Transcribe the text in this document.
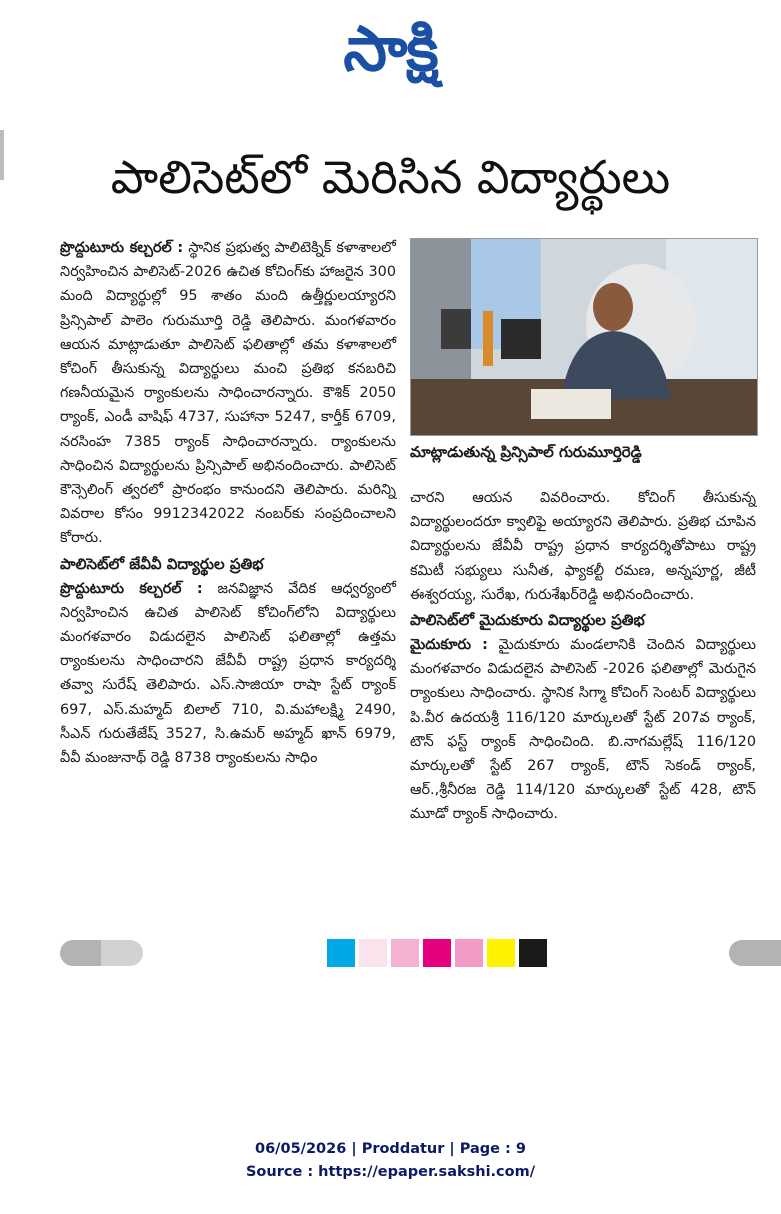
సాక్షి
పాలిసెట్‌లో మెరిసిన విద్యార్థులు

ప్రొద్దుటూరు కల్చరల్ : స్థానిక ప్రభుత్వ పాలిటెక్నిక్ కళాశాలలో నిర్వహించిన పాలిసెట్-2026 ఉచిత కోచింగ్‌కు హాజరైన 300 మంది విద్యార్థుల్లో 95 శాతం మంది ఉత్తీర్ణులయ్యారని ప్రిన్సిపాల్ పాలెం గురుమూర్తి రెడ్డి తెలిపారు. మంగళవారం ఆయన మాట్లాడుతూ పాలిసెట్ ఫలితాల్లో తమ కళాశాలలో కోచింగ్ తీసుకున్న విద్యార్థులు మంచి ప్రతిభ కనబరిచి గణనీయమైన ర్యాంకులను సాధించారన్నారు. కౌశిక్ 2050 ర్యాంక్, ఎండీ వాషిఫ్ 4737, సుహానా 5247, కార్తీక్ 6709, నరసింహ 7385 ర్యాంక్ సాధించారన్నారు. ర్యాంకులను సాధించిన విద్యార్థులను ప్రిన్సిపాల్ అభినందించారు. పాలిసెట్ కౌన్సెలింగ్ త్వరలో ప్రారంభం కానుందని తెలిపారు. మరిన్ని వివరాల కోసం 9912342022 నంబర్‌కు సంప్రదించాలని కోరారు.

పాలిసెట్‌లో జేవీవీ విద్యార్థుల ప్రతిభ

ప్రొద్దుటూరు కల్చరల్ : జనవిజ్ఞాన వేదిక ఆధ్వర్యంలో నిర్వహించిన ఉచిత పాలిసెట్ కోచింగ్‌లోని విద్యార్థులు మంగళవారం విడుదలైన పాలిసెట్ ఫలితాల్లో ఉత్తమ ర్యాంకులను సాధించారని జేవీవీ రాష్ట్ర ప్రధాన కార్యదర్శి తవ్వా సురేష్ తెలిపారు. ఎస్.సాజియా రాషా స్టేట్ ర్యాంక్ 697, ఎస్.మహ్మద్ బిలాల్ 710, వి.మహాలక్ష్మి 2490, సీఎన్ గురుతేజేష్ 3527, సి.ఉమర్ అహ్మద్ ఖాన్ 6979, వీవీ మంజునాథ్ రెడ్డి 8738 ర్యాంకులను సాధిం

మాట్లాడుతున్న ప్రిన్సిపాల్ గురుమూర్తిరెడ్డి

చారని ఆయన వివరించారు. కోచింగ్ తీసుకున్న విద్యార్థులందరూ క్వాలిఫై అయ్యారని తెలిపారు. ప్రతిభ చూపిన విద్యార్థులను జేవీవీ రాష్ట్ర ప్రధాన కార్యదర్శితోపాటు రాష్ట్ర కమిటీ సభ్యులు సునీత, ఫ్యాకల్టీ రమణ, అన్నపూర్ణ, జీటీ ఈశ్వరయ్య, సురేఖ, గురుశేఖర్‌రెడ్డి అభినందించారు.

పాలిసెట్‌లో మైదుకూరు విద్యార్థుల ప్రతిభ

మైదుకూరు : మైదుకూరు మండలానికి చెందిన విద్యార్థులు మంగళవారం విడుదలైన పాలిసెట్ -2026 ఫలితాల్లో మెరుగైన ర్యాంకులు సాధించారు. స్థానిక సిగ్మా కోచింగ్ సెంటర్ విద్యార్థులు పి.వీర ఉదయశ్రీ 116/120 మార్కులతో స్టేట్ 207వ ర్యాంక్, టౌన్ ఫస్ట్ ర్యాంక్ సాధించింది. బి.నాగమల్లేష్ 116/120 మార్కులతో స్టేట్ 267 ర్యాంక్, టౌన్ సెకండ్ ర్యాంక్, ఆర్.,శ్రీనీరజ రెడ్డి 114/120 మార్కులతో స్టేట్ 428, టౌన్ మూడో ర్యాంక్ సాధించారు.

06/05/2026 | Proddatur | Page : 9
Source : https://epaper.sakshi.com/
